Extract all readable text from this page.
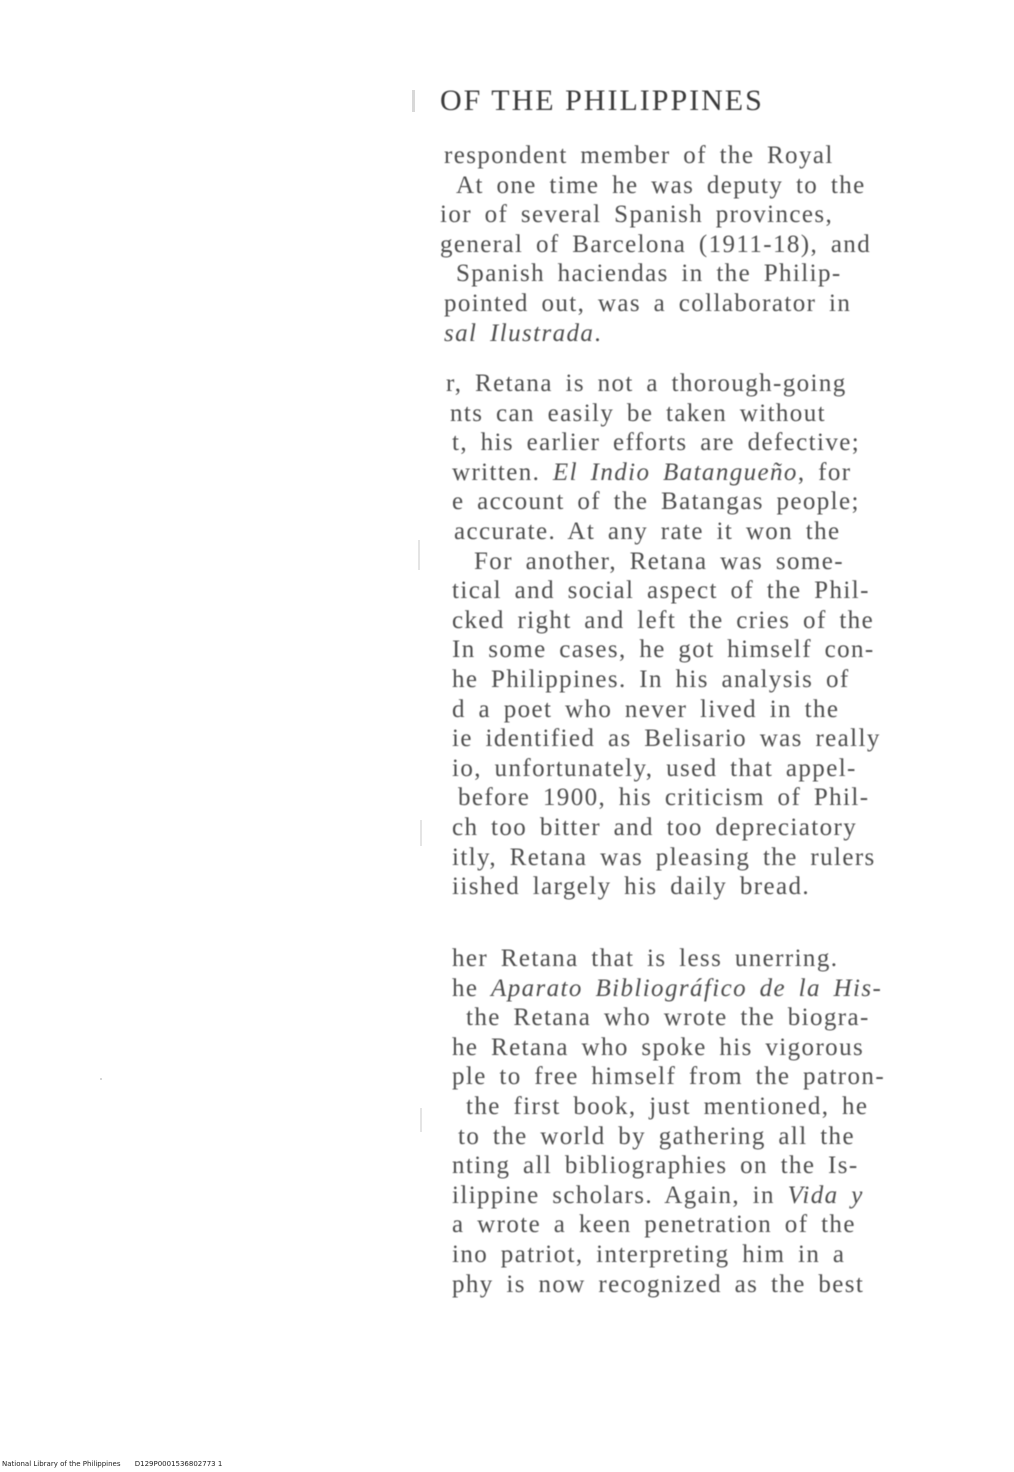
OF THE PHILIPPINES
respondent member of the Royal
At one time he was deputy to the
ior of several Spanish provinces,
general of Barcelona (1911-18), and
Spanish haciendas in the Philip-
pointed out, was a collaborator in
sal Ilustrada.
r, Retana is not a thorough-going
nts can easily be taken without
t, his earlier efforts are defective;
written. El Indio Batangueño, for
e account of the Batangas people;
accurate. At any rate it won the
For another, Retana was some-
tical and social aspect of the Phil-
cked right and left the cries of the
In some cases, he got himself con-
he Philippines. In his analysis of
d a poet who never lived in the
ie identified as Belisario was really
io, unfortunately, used that appel-
before 1900, his criticism of Phil-
ch too bitter and too depreciatory
itly, Retana was pleasing the rulers
iished largely his daily bread.
her Retana that is less unerring.
he Aparato Bibliográfico de la His-
the Retana who wrote the biogra-
he Retana who spoke his vigorous
ple to free himself from the patron-
the first book, just mentioned, he
to the world by gathering all the
nting all bibliographies on the Is-
ilippine scholars. Again, in Vida y
a wrote a keen penetration of the
ino patriot, interpreting him in a
phy is now recognized as the best
National Library of the Philippines D129P0001536802773 1
